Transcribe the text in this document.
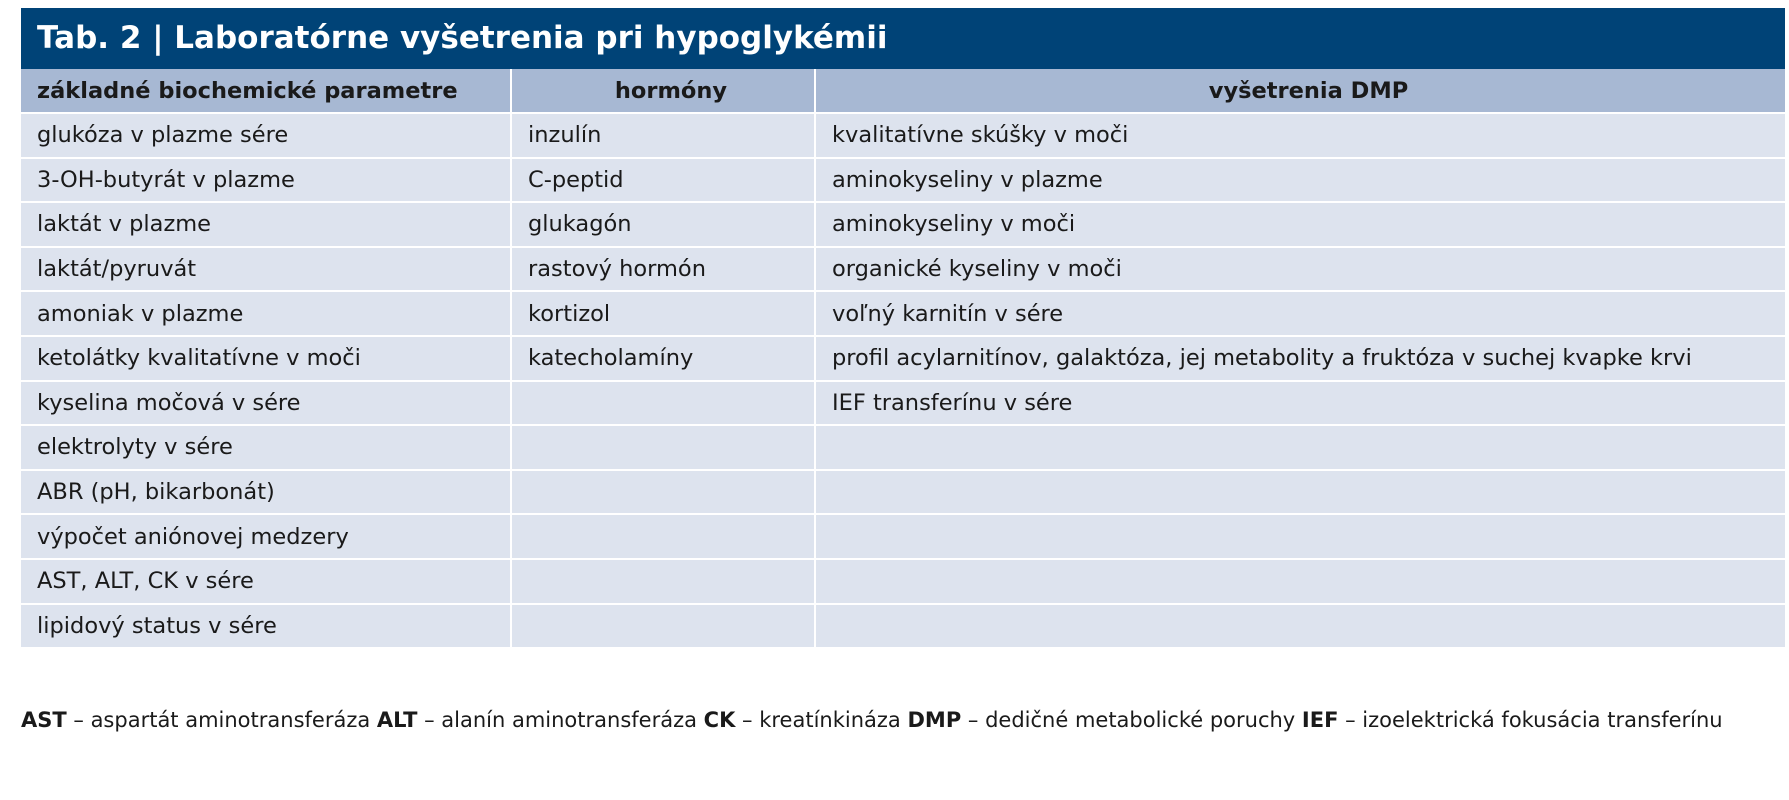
Tab. 2 | Laboratórne vyšetrenia pri hypoglykémii
základné biochemické parametre	hormóny	vyšetrenia DMP
glukóza v plazme sére	inzulín	kvalitatívne skúšky v moči
3-OH-butyrát v plazme	C-peptid	aminokyseliny v plazme
laktát v plazme	glukagón	aminokyseliny v moči
laktát/pyruvát	rastový hormón	organické kyseliny v moči
amoniak v plazme	kortizol	voľný karnitín v sére
ketolátky kvalitatívne v moči	katecholamíny	profil acylarnitínov, galaktóza, jej metabolity a fruktóza v suchej kvapke krvi
kyselina močová v sére		IEF transferínu v sére
elektrolyty v sére		
ABR (pH, bikarbonát)		
výpočet aniónovej medzery		
AST, ALT, CK v sére		
lipidový status v sére		
AST – aspartát aminotransferáza ALT – alanín aminotransferáza CK – kreatínkináza DMP – dedičné metabolické poruchy IEF – izoelektrická fokusácia transferínu
